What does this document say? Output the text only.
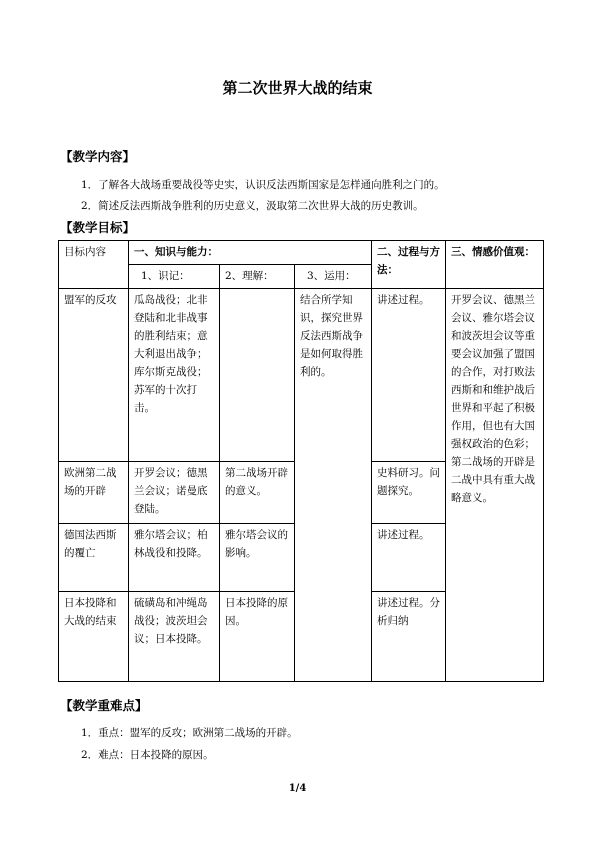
第二次世界大战的结束
【教学内容】
1．了解各大战场重要战役等史实，认识反法西斯国家是怎样通向胜利之门的。
2．简述反法西斯战争胜利的历史意义，汲取第二次世界大战的历史教训。
【教学目标】
目标内容	一、知识与能力：			二、过程与方法：	三、情感价值观：
	1、识记：	2、理解：	3、运用：		
盟军的反攻	瓜岛战役；北非登陆和北非战事的胜利结束；意大利退出战争；库尔斯克战役；苏军的十次打击。		结合所学知识，探究世界反法西斯战争是如何取得胜利的。	讲述过程。	开罗会议、德黑兰会议、雅尔塔会议和波茨坦会议等重要会议加强了盟国的合作，对打败法西斯和和维护战后世界和平起了积极作用，但也有大国强权政治的色彩；第二战场的开辟是二战中具有重大战略意义。
欧洲第二战场的开辟	开罗会议；德黑兰会议；诺曼底登陆。	第二战场开辟的意义。		史料研习。问题探究。	
德国法西斯的覆亡	雅尔塔会议；柏林战役和投降。	雅尔塔会议的影响。		讲述过程。	
日本投降和大战的结束	硫磺岛和冲绳岛战役；波茨坦会议；日本投降。	日本投降的原因。		讲述过程。分析归纳	
【教学重难点】
1．重点：盟军的反攻；欧洲第二战场的开辟。
2．难点：日本投降的原因。
1/4
